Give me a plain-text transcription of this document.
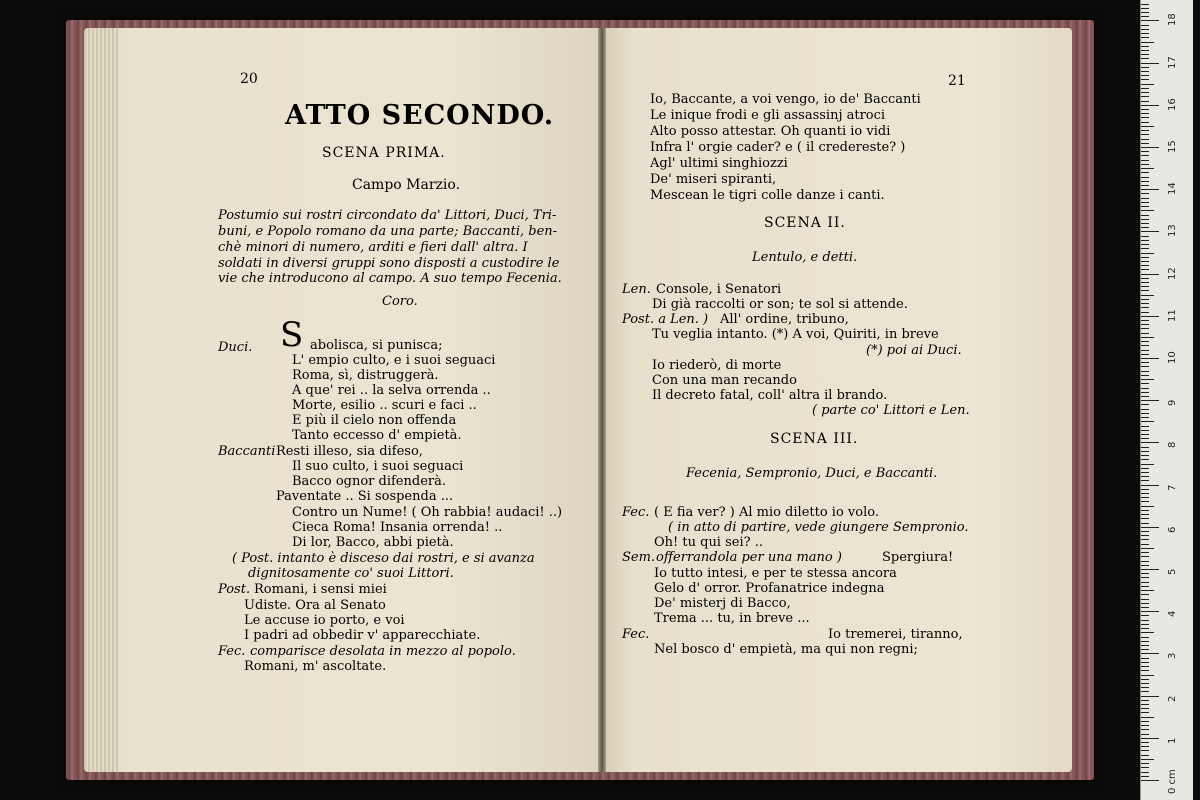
20
ATTO SECONDO.
SCENA PRIMA.
Campo Marzio.
Postumio sui rostri circondato da' Littori, Duci, Tri-
buni, e Popolo romano da una parte; Baccanti, ben-
chè minori di numero, arditi e fieri dall' altra. I
soldati in diversi gruppi sono disposti a custodire le
vie che introducono al campo. A suo tempo Fecenia.
Coro.
Duci. S abolisca, si punisca;
L' empio culto, e i suoi seguaci
Roma, sì, distruggerà.
A que' rei .. la selva orrenda ..
Morte, esilio .. scuri e faci ..
E più il cielo non offenda
Tanto eccesso d' empietà.
Baccanti Resti illeso, sia difeso,
Il suo culto, i suoi seguaci
Bacco ognor difenderà.
Paventate .. Si sospenda ...
Contro un Nume! ( Oh rabbia! audaci! ..)
Cieca Roma! Insania orrenda! ..
Di lor, Bacco, abbi pietà.
( Post. intanto è disceso dai rostri, e si avanza
dignitosamente co' suoi Littori.
Post. Romani, i sensi miei
Udiste. Ora al Senato
Le accuse io porto, e voi
I padri ad obbedir v' apparecchiate.
Fec. comparisce desolata in mezzo al popolo.
Romani, m' ascoltate.
21
Io, Baccante, a voi vengo, io de' Baccanti
Le inique frodi e gli assassinj atroci
Alto posso attestar. Oh quanti io vidi
Infra l' orgie cader? e ( il credereste? )
Agl' ultimi singhiozzi
De' miseri spiranti,
Mescean le tigri colle danze i canti.
SCENA II.
Lentulo, e detti.
Len. Console, i Senatori
Di già raccolti or son; te sol si attende.
Post. a Len. ) All' ordine, tribuno,
Tu veglia intanto. (*) A voi, Quiriti, in breve
(*) poi ai Duci.
Io riederò, di morte
Con una man recando
Il decreto fatal, coll' altra il brando.
( parte co' Littori e Len.
SCENA III.
Fecenia, Sempronio, Duci, e Baccanti.
Fec. ( E fia ver? ) Al mio diletto io volo.
( in atto di partire, vede giungere Sempronio.
Oh! tu qui sei? ..
Sem. offerrandola per una mano )	Spergiura!
Io tutto intesi, e per te stessa ancora
Gelo d' orror. Profanatrice indegna
De' misterj di Bacco,
Trema ... tu, in breve ...
Fec.	Io tremerei, tiranno,
Nel bosco d' empietà, ma qui non regni;
0 cm
1
2
3
4
5
6
7
8
9
10
11
12
13
14
15
16
17
18
